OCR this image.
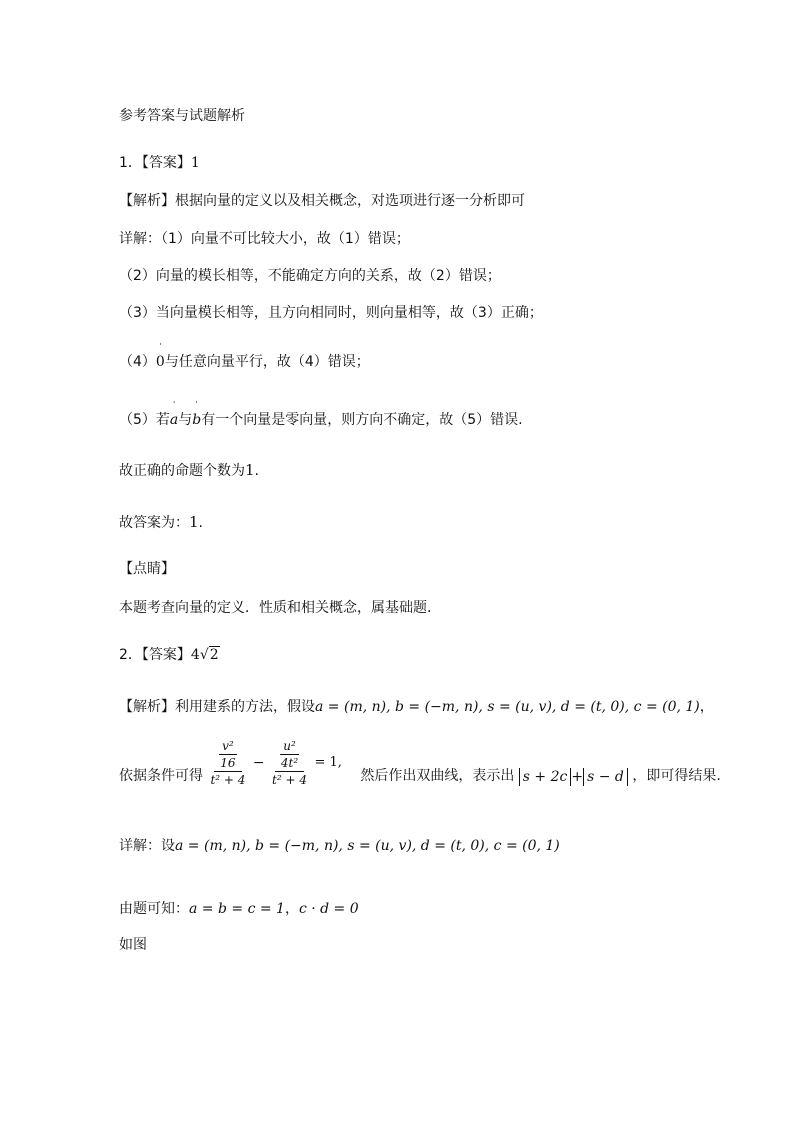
参考答案与试题解析
1．【答案】1
【解析】根据向量的定义以及相关概念，对选项进行逐一分析即可
详解：（1）向量不可比较大小，故（1）错误；
（2）向量的模长相等，不能确定方向的关系，故（2）错误；
（3）当向量模长相等，且方向相同时，则向量相等，故（3）正确；
（4）
ˈ
0与任意向量平行，故（4）错误；
（5）若
ˈ
a与
ˈ
b有一个向量是零向量，则方向不确定，故（5）错误.
故正确的命题个数为1.
故答案为：1.
【点睛】
本题考查向量的定义．性质和相关概念，属基础题.
2．【答案】4√2
【解析】利用建系的方法，假设a = (m, n), b = (−m, n), s = (u, v), d = (t, 0), c = (0, 1)，
依据条件可得 $\frac{\frac{\text{v²}}{16}}{\text{t² + 4}} - \frac{\frac{\text{u²}}{\text{4t²}}}{\text{t² + 4}} = 1$, 然后作出双曲线，表示出 s + 2c + s − d ，即可得结果.
详解：设a = (m, n), b = (−m, n), s = (u, v), d = (t, 0), c = (0, 1)
由题可知：a = b = c = 1，c · d = 0
如图
